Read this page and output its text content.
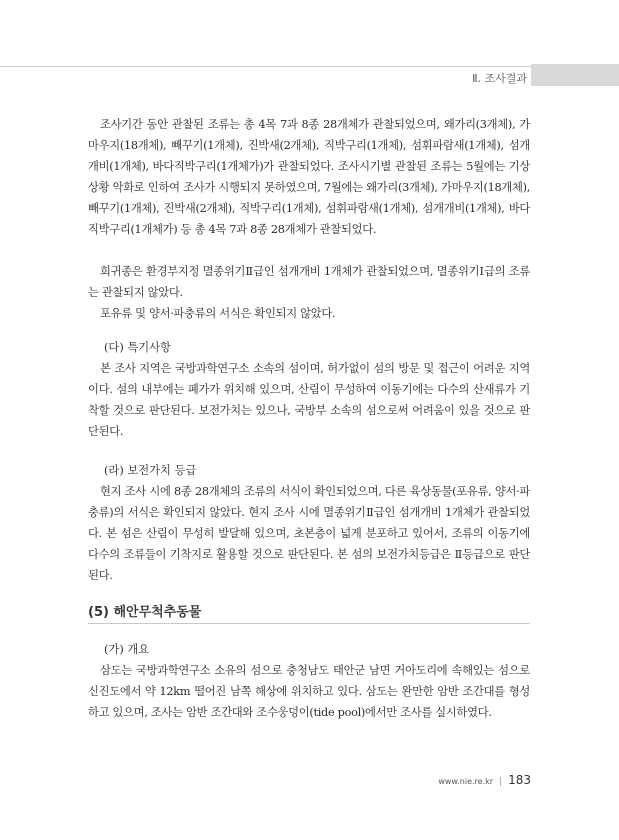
Ⅱ. 조사결과

조사기간 동안 관찰된 조류는 총 4목 7과 8종 28개체가 관찰되었으며, 왜가리(3개체), 가마우지(18개체), 빼꾸기(1개체), 진박새(2개체), 직박구리(1개체), 섬휘파람새(1개체), 섬개개비(1개체), 바다직박구리(1개체가)가 관찰되었다. 조사시기별 관찰된 조류는 5월에는 기상 상황 악화로 인하여 조사가 시행되지 못하였으며, 7월에는 왜가리(3개체), 가마우지(18개체), 빼꾸기(1개체), 진박새(2개체), 직박구리(1개체), 섬휘파람새(1개체), 섬개개비(1개체), 바다직박구리(1개체가) 등 총 4목 7과 8종 28개체가 관찰되었다.

희귀종은 환경부지정 멸종위기Ⅱ급인 섬개개비 1개체가 관찰되었으며, 멸종위기Ⅰ급의 조류는 관찰되지 않았다.

포유류 및 양서·파충류의 서식은 확인되지 않았다.

(다) 특기사항

본 조사 지역은 국방과학연구소 소속의 섬이며, 허가없이 섬의 방문 및 접근이 어려운 지역이다. 섬의 내부에는 폐가가 위치해 있으며, 산림이 무성하여 이동기에는 다수의 산새류가 기착할 것으로 판단된다. 보전가치는 있으나, 국방부 소속의 섬으로써 어려움이 있을 것으로 판단된다.

(라) 보전가치 등급

현지 조사 시에 8종 28개체의 조류의 서식이 확인되었으며, 다른 육상동물(포유류, 양서·파충류)의 서식은 확인되지 않았다. 현지 조사 시에 멸종위기Ⅱ급인 섬개개비 1개체가 관찰되었다. 본 섬은 산림이 무성히 발달해 있으며, 초본층이 넓게 분포하고 있어서, 조류의 이동기에 다수의 조류들이 기착지로 활용할 것으로 판단된다. 본 섬의 보전가치등급은 Ⅱ등급으로 판단된다.

(5) 해안무척추동물

(가) 개요

삼도는 국방과학연구소 소유의 섬으로 충청남도 태안군 남면 거아도리에 속해있는 섬으로 신진도에서 약 12km 떨어진 남쪽 해상에 위치하고 있다. 삼도는 완만한 암반 조간대를 형성하고 있으며, 조사는 암반 조간대와 조수웅덩이(tide pool)에서만 조사를 실시하였다.

www.nie.re.kr | 183
